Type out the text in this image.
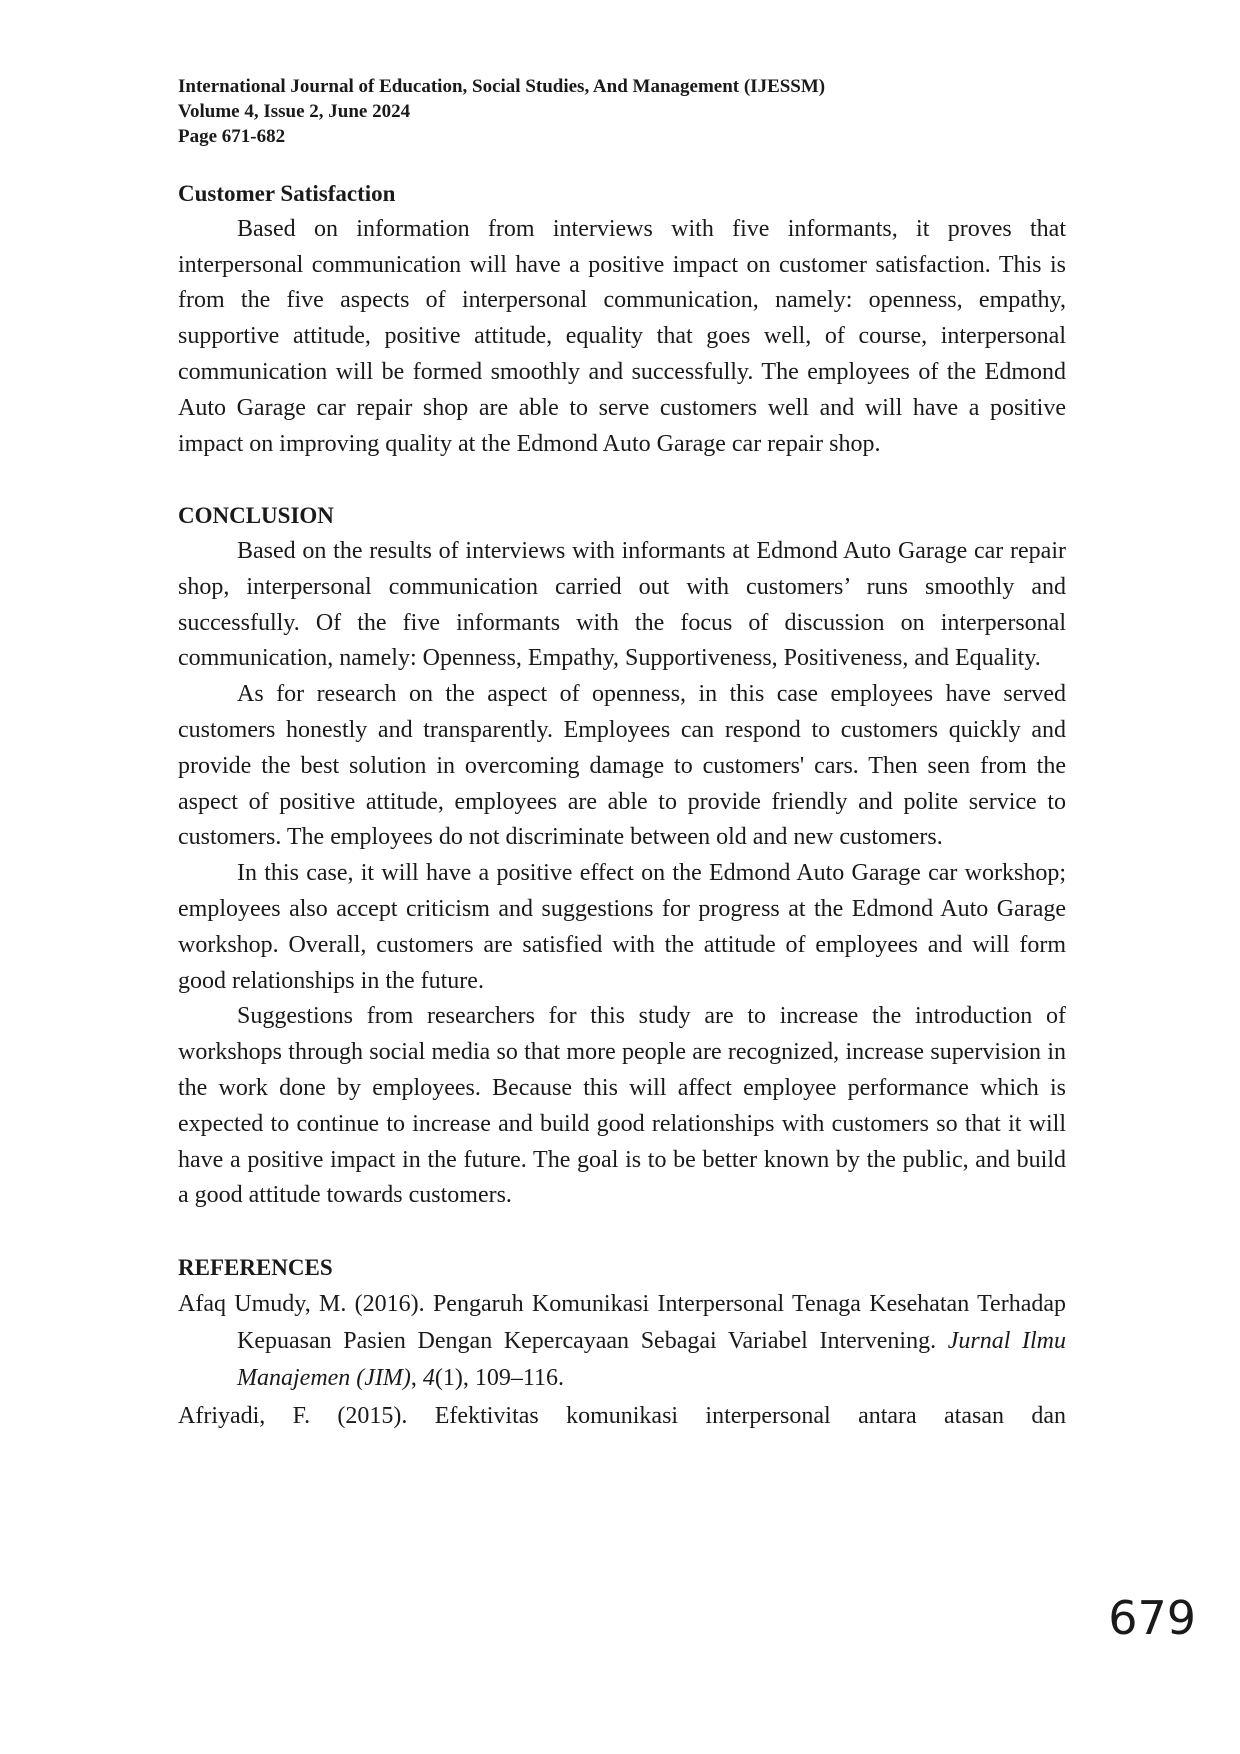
International Journal of Education, Social Studies, And Management (IJESSM)
Volume 4, Issue 2, June 2024
Page 671-682
Customer Satisfaction

Based on information from interviews with five informants, it proves that interpersonal communication will have a positive impact on customer satisfaction. This is from the five aspects of interpersonal communication, namely: openness, empathy, supportive attitude, positive attitude, equality that goes well, of course, interpersonal communication will be formed smoothly and successfully. The employees of the Edmond Auto Garage car repair shop are able to serve customers well and will have a positive impact on improving quality at the Edmond Auto Garage car repair shop.

CONCLUSION

Based on the results of interviews with informants at Edmond Auto Garage car repair shop, interpersonal communication carried out with customers’ runs smoothly and successfully. Of the five informants with the focus of discussion on interpersonal communication, namely: Openness, Empathy, Supportiveness, Positiveness, and Equality.

As for research on the aspect of openness, in this case employees have served customers honestly and transparently. Employees can respond to customers quickly and provide the best solution in overcoming damage to customers' cars. Then seen from the aspect of positive attitude, employees are able to provide friendly and polite service to customers. The employees do not discriminate between old and new customers.

In this case, it will have a positive effect on the Edmond Auto Garage car workshop; employees also accept criticism and suggestions for progress at the Edmond Auto Garage workshop. Overall, customers are satisfied with the attitude of employees and will form good relationships in the future.

Suggestions from researchers for this study are to increase the introduction of workshops through social media so that more people are recognized, increase supervision in the work done by employees. Because this will affect employee performance which is expected to continue to increase and build good relationships with customers so that it will have a positive impact in the future. The goal is to be better known by the public, and build a good attitude towards customers.

REFERENCES

Afaq Umudy, M. (2016). Pengaruh Komunikasi Interpersonal Tenaga Kesehatan Terhadap Kepuasan Pasien Dengan Kepercayaan Sebagai Variabel Intervening. Jurnal Ilmu Manajemen (JIM), 4(1), 109–116.

Afriyadi, F. (2015). Efektivitas komunikasi interpersonal antara atasan dan

679
